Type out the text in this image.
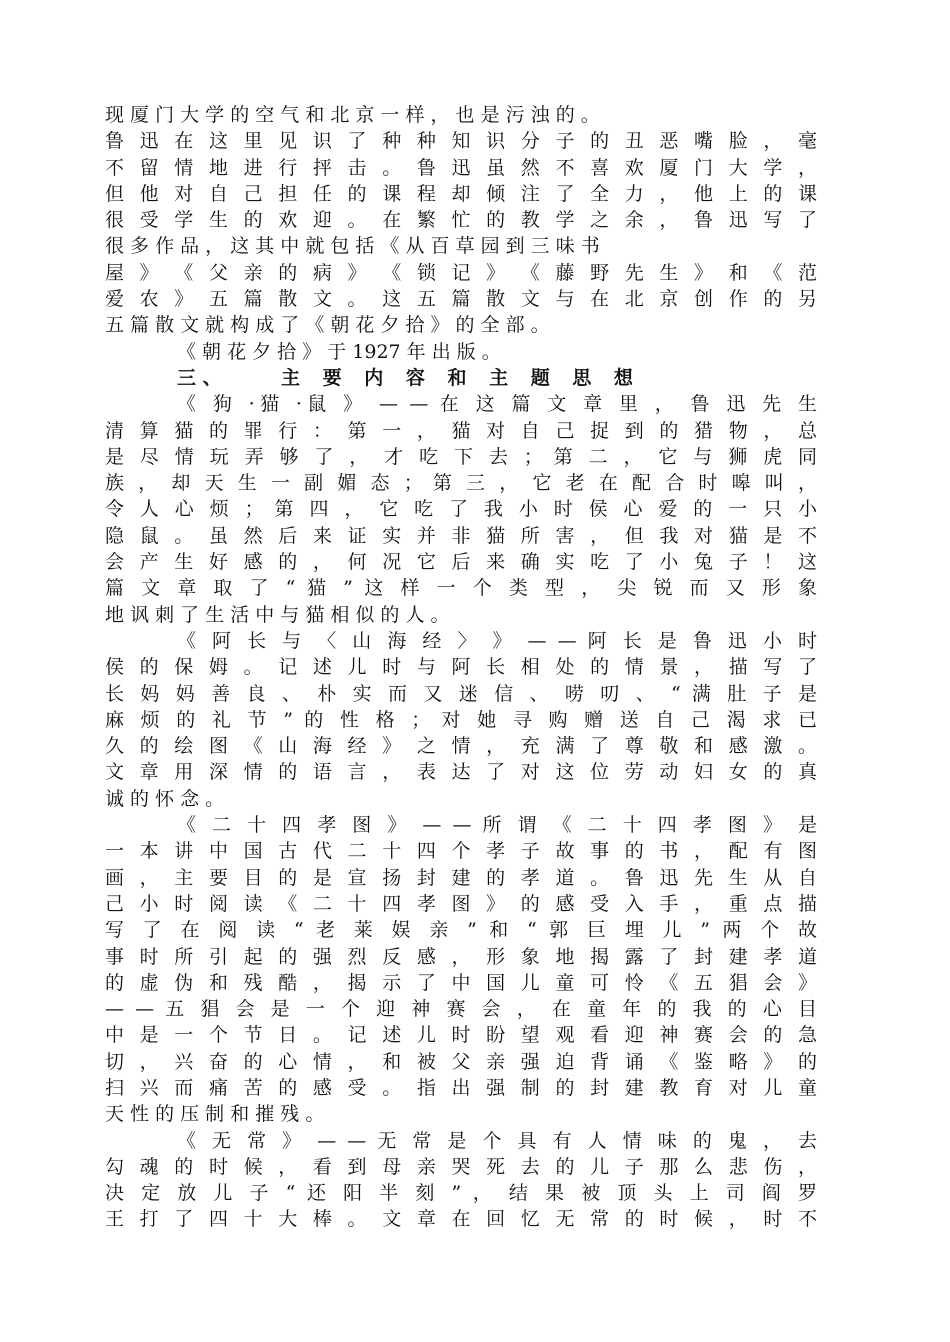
现 厦 门 大 学 的 空 气 和 北 京 一 样 ， 也 是 污 浊 的 。
鲁 迅 在 这 里 见 识 了 种 种 知 识 分 子 的 丑 恶 嘴 脸 ， 毫
不 留 情 地 进 行 抨 击 。 鲁 迅 虽 然 不 喜 欢 厦 门 大 学 ，
但 他 对 自 己 担 任 的 课 程 却 倾 注 了 全 力 ， 他 上 的 课
很 受 学 生 的 欢 迎 。 在 繁 忙 的 教 学 之 余 ， 鲁 迅 写 了
很 多 作 品 ， 这 其 中 就 包 括 《 从 百 草 园 到 三 味 书
屋 》 《 父 亲 的 病 》 《 锁 记 》 《 藤 野 先 生 》 和 《 范
爱 农 》 五 篇 散 文 。 这 五 篇 散 文 与 在 北 京 创 作 的 另
五 篇 散 文 就 构 成 了 《 朝 花 夕 拾 》 的 全 部 。
《 朝 花 夕 拾 》 于 1927 年 出 版 。
三 、	主 要 内 容 和 主 题 思 想
《 狗 ·猫 ·鼠 》 — — 在 这 篇 文 章 里 ， 鲁 迅 先 生
清 算 猫 的 罪 行 ： 第 一 ， 猫 对 自 己 捉 到 的 猎 物 ， 总
是 尽 情 玩 弄 够 了 ， 才 吃 下 去 ； 第 二 ， 它 与 狮 虎 同
族 ， 却 天 生 一 副 媚 态 ； 第 三 ， 它 老 在 配 合 时 嗥 叫 ，
令 人 心 烦 ； 第 四 ， 它 吃 了 我 小 时 侯 心 爱 的 一 只 小
隐 鼠 。 虽 然 后 来 证 实 并 非 猫 所 害 ， 但 我 对 猫 是 不
会 产 生 好 感 的 ， 何 况 它 后 来 确 实 吃 了 小 兔 子 ！ 这
篇 文 章 取 了 “ 猫 ” 这 样 一 个 类 型 ， 尖 锐 而 又 形 象
地 讽 刺 了 生 活 中 与 猫 相 似 的 人 。
《 阿 长 与 〈 山 海 经 〉 》 — — 阿 长 是 鲁 迅 小 时
侯 的 保 姆 。 记 述 儿 时 与 阿 长 相 处 的 情 景 ， 描 写 了
长 妈 妈 善 良 、 朴 实 而 又 迷 信 、 唠 叨 、 “ 满 肚 子 是
麻 烦 的 礼 节 ” 的 性 格 ； 对 她 寻 购 赠 送 自 己 渴 求 已
久 的 绘 图 《 山 海 经 》 之 情 ， 充 满 了 尊 敬 和 感 激 。
文 章 用 深 情 的 语 言 ， 表 达 了 对 这 位 劳 动 妇 女 的 真
诚 的 怀 念 。
《 二 十 四 孝 图 》 — — 所 谓 《 二 十 四 孝 图 》 是
一 本 讲 中 国 古 代 二 十 四 个 孝 子 故 事 的 书 ， 配 有 图
画 ， 主 要 目 的 是 宣 扬 封 建 的 孝 道 。 鲁 迅 先 生 从 自
己 小 时 阅 读 《 二 十 四 孝 图 》 的 感 受 入 手 ， 重 点 描
写 了 在 阅 读 “ 老 莱 娱 亲 ” 和 “ 郭 巨 埋 儿 ” 两 个 故
事 时 所 引 起 的 强 烈 反 感 ， 形 象 地 揭 露 了 封 建 孝 道
的 虚 伪 和 残 酷 ， 揭 示 了 中 国 儿 童 可 怜 《 五 猖 会 》
— — 五 猖 会 是 一 个 迎 神 赛 会 ， 在 童 年 的 我 的 心 目
中 是 一 个 节 日 。 记 述 儿 时 盼 望 观 看 迎 神 赛 会 的 急
切 ， 兴 奋 的 心 情 ， 和 被 父 亲 强 迫 背 诵 《 鉴 略 》 的
扫 兴 而 痛 苦 的 感 受 。 指 出 强 制 的 封 建 教 育 对 儿 童
天 性 的 压 制 和 摧 残 。
《 无 常 》 — — 无 常 是 个 具 有 人 情 味 的 鬼 ， 去
勾 魂 的 时 候 ， 看 到 母 亲 哭 死 去 的 儿 子 那 么 悲 伤 ，
决 定 放 儿 子 “ 还 阳 半 刻 ” ， 结 果 被 顶 头 上 司 阎 罗
王 打 了 四 十 大 棒 。 文 章 在 回 忆 无 常 的 时 候 ， 时 不
